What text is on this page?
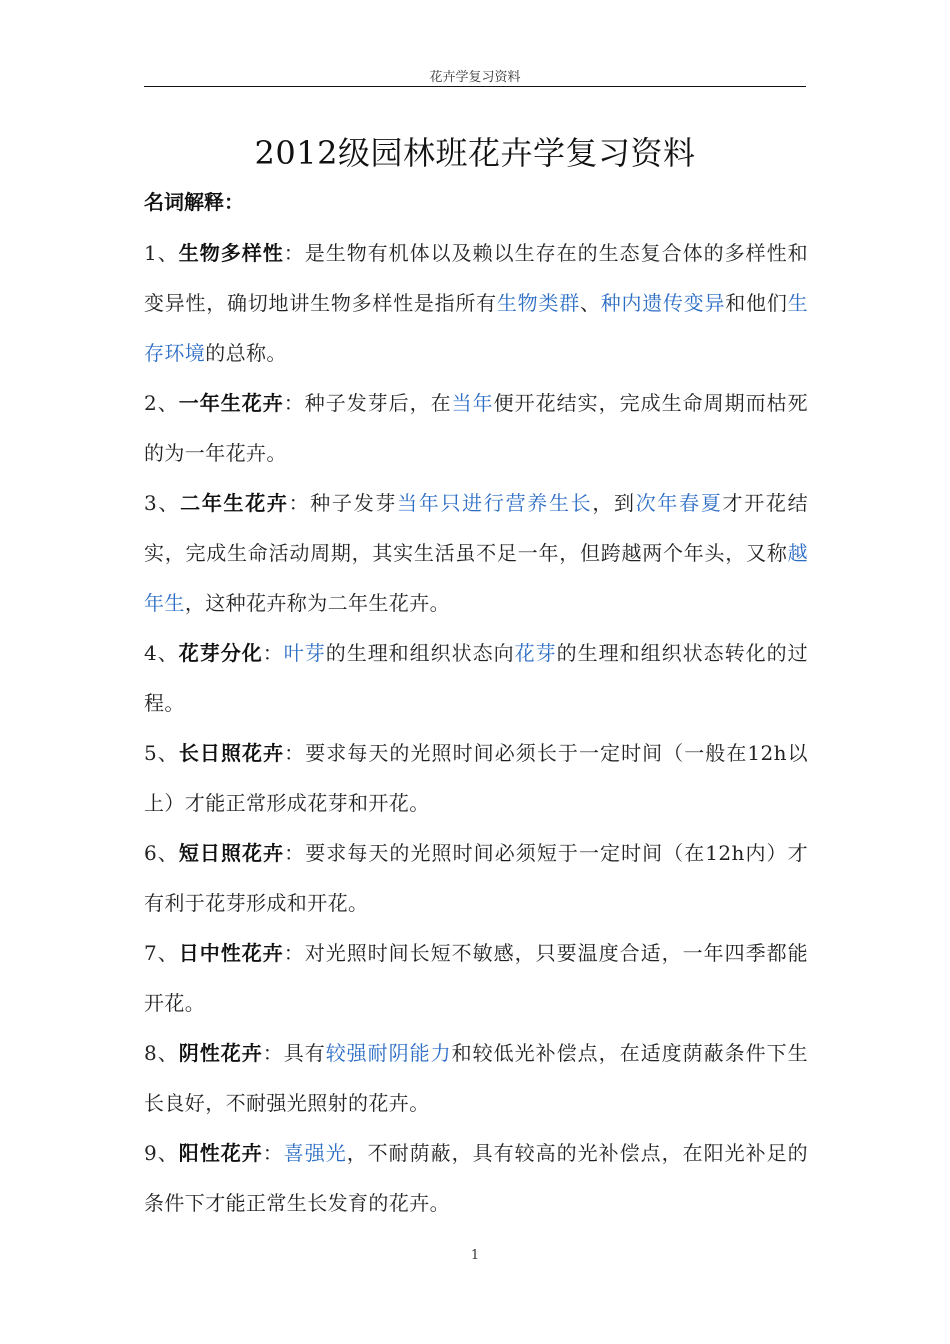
花卉学复习资料
2012级园林班花卉学复习资料
名词解释：

1、生物多样性：是生物有机体以及赖以生存在的生态复合体的多样性和变异性，确切地讲生物多样性是指所有生物类群、种内遗传变异和他们生存环境的总称。

2、一年生花卉：种子发芽后，在当年便开花结实，完成生命周期而枯死的为一年花卉。

3、二年生花卉：种子发芽当年只进行营养生长，到次年春夏才开花结实，完成生命活动周期，其实生活虽不足一年，但跨越两个年头，又称越年生，这种花卉称为二年生花卉。

4、花芽分化：叶芽的生理和组织状态向花芽的生理和组织状态转化的过程。

5、长日照花卉：要求每天的光照时间必须长于一定时间（一般在12h以上）才能正常形成花芽和开花。

6、短日照花卉：要求每天的光照时间必须短于一定时间（在12h内）才有利于花芽形成和开花。

7、日中性花卉：对光照时间长短不敏感，只要温度合适，一年四季都能开花。

8、阴性花卉：具有较强耐阴能力和较低光补偿点，在适度荫蔽条件下生长良好，不耐强光照射的花卉。

9、阳性花卉：喜强光，不耐荫蔽，具有较高的光补偿点，在阳光补足的条件下才能正常生长发育的花卉。

1
